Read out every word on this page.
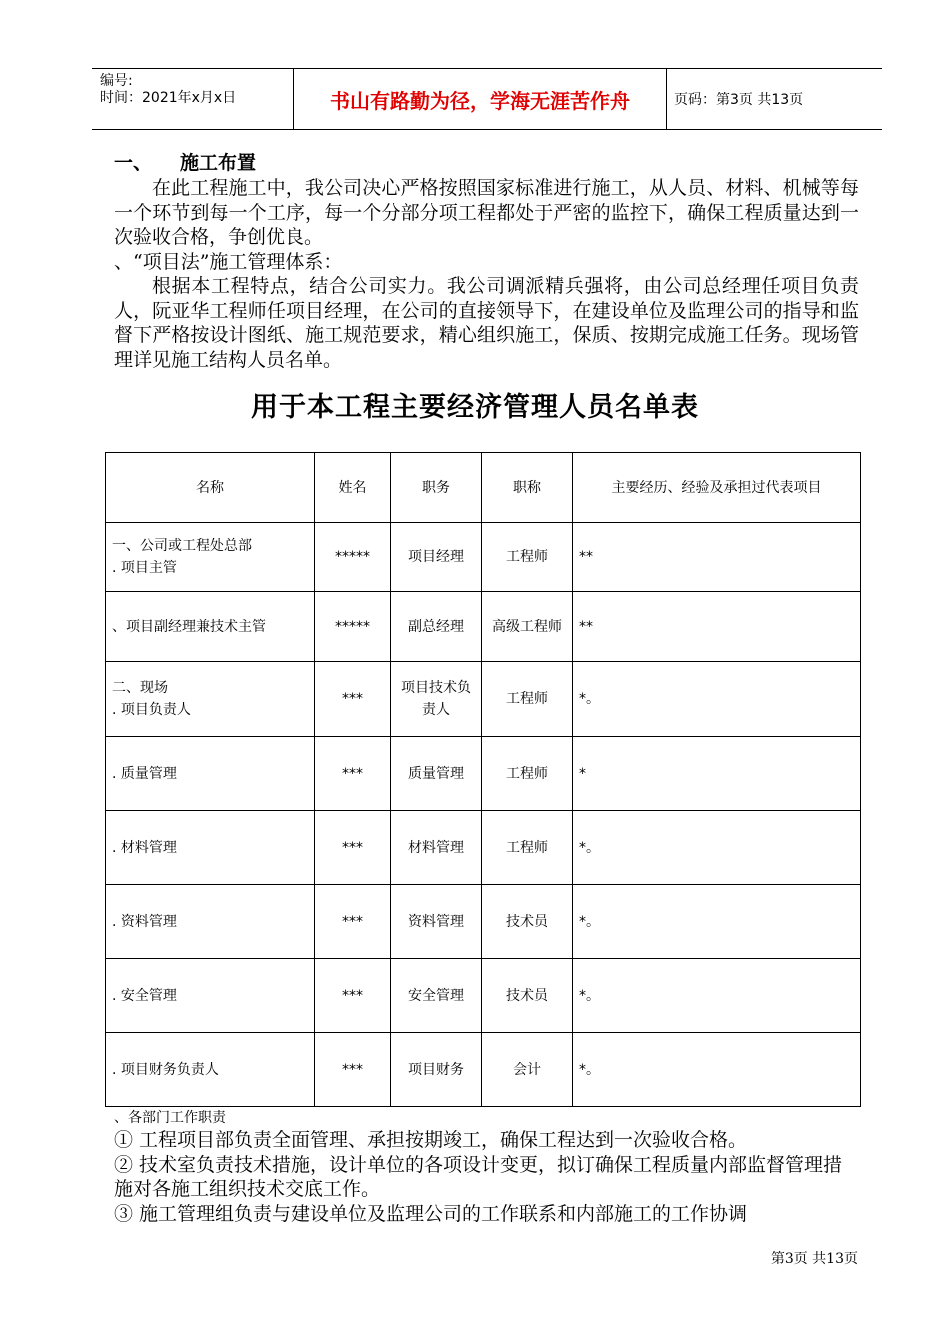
编号:
时间：2021年x月x日	书山有路勤为径，学海无涯苦作舟	页码：第3页 共13页
一、 施工布置
在此工程施工中，我公司决心严格按照国家标准进行施工，从人员、材料、机械等每一个环节到每一个工序，每一个分部分项工程都处于严密的监控下，确保工程质量达到一次验收合格，争创优良。
、“项目法”施工管理体系：
根据本工程特点，结合公司实力。我公司调派精兵强将，由公司总经理任项目负责人，阮亚华工程师任项目经理，在公司的直接领导下，在建设单位及监理公司的指导和监督下严格按设计图纸、施工规范要求，精心组织施工，保质、按期完成施工任务。现场管理详见施工结构人员名单。
用于本工程主要经济管理人员名单表
名称	姓名	职务	职称	主要经历、经验及承担过代表项目

一、公司或工程处总部
. 项目主管	*****	项目经理	工程师	**

、项目副经理兼技术主管	*****	副总经理	高级工程师	**

二、现场
. 项目负责人	***	项目技术负责人	工程师	*。

. 质量管理	***	质量管理	工程师	*

. 材料管理	***	材料管理	工程师	*。

. 资料管理	***	资料管理	技术员	*。

. 安全管理	***	安全管理	技术员	*。

. 项目财务负责人	***	项目财务	会计	*。
、各部门工作职责
① 工程项目部负责全面管理、承担按期竣工，确保工程达到一次验收合格。
② 技术室负责技术措施，设计单位的各项设计变更，拟订确保工程质量内部监督管理措施对各施工组织技术交底工作。
③ 施工管理组负责与建设单位及监理公司的工作联系和内部施工的工作协调
第3页 共13页
